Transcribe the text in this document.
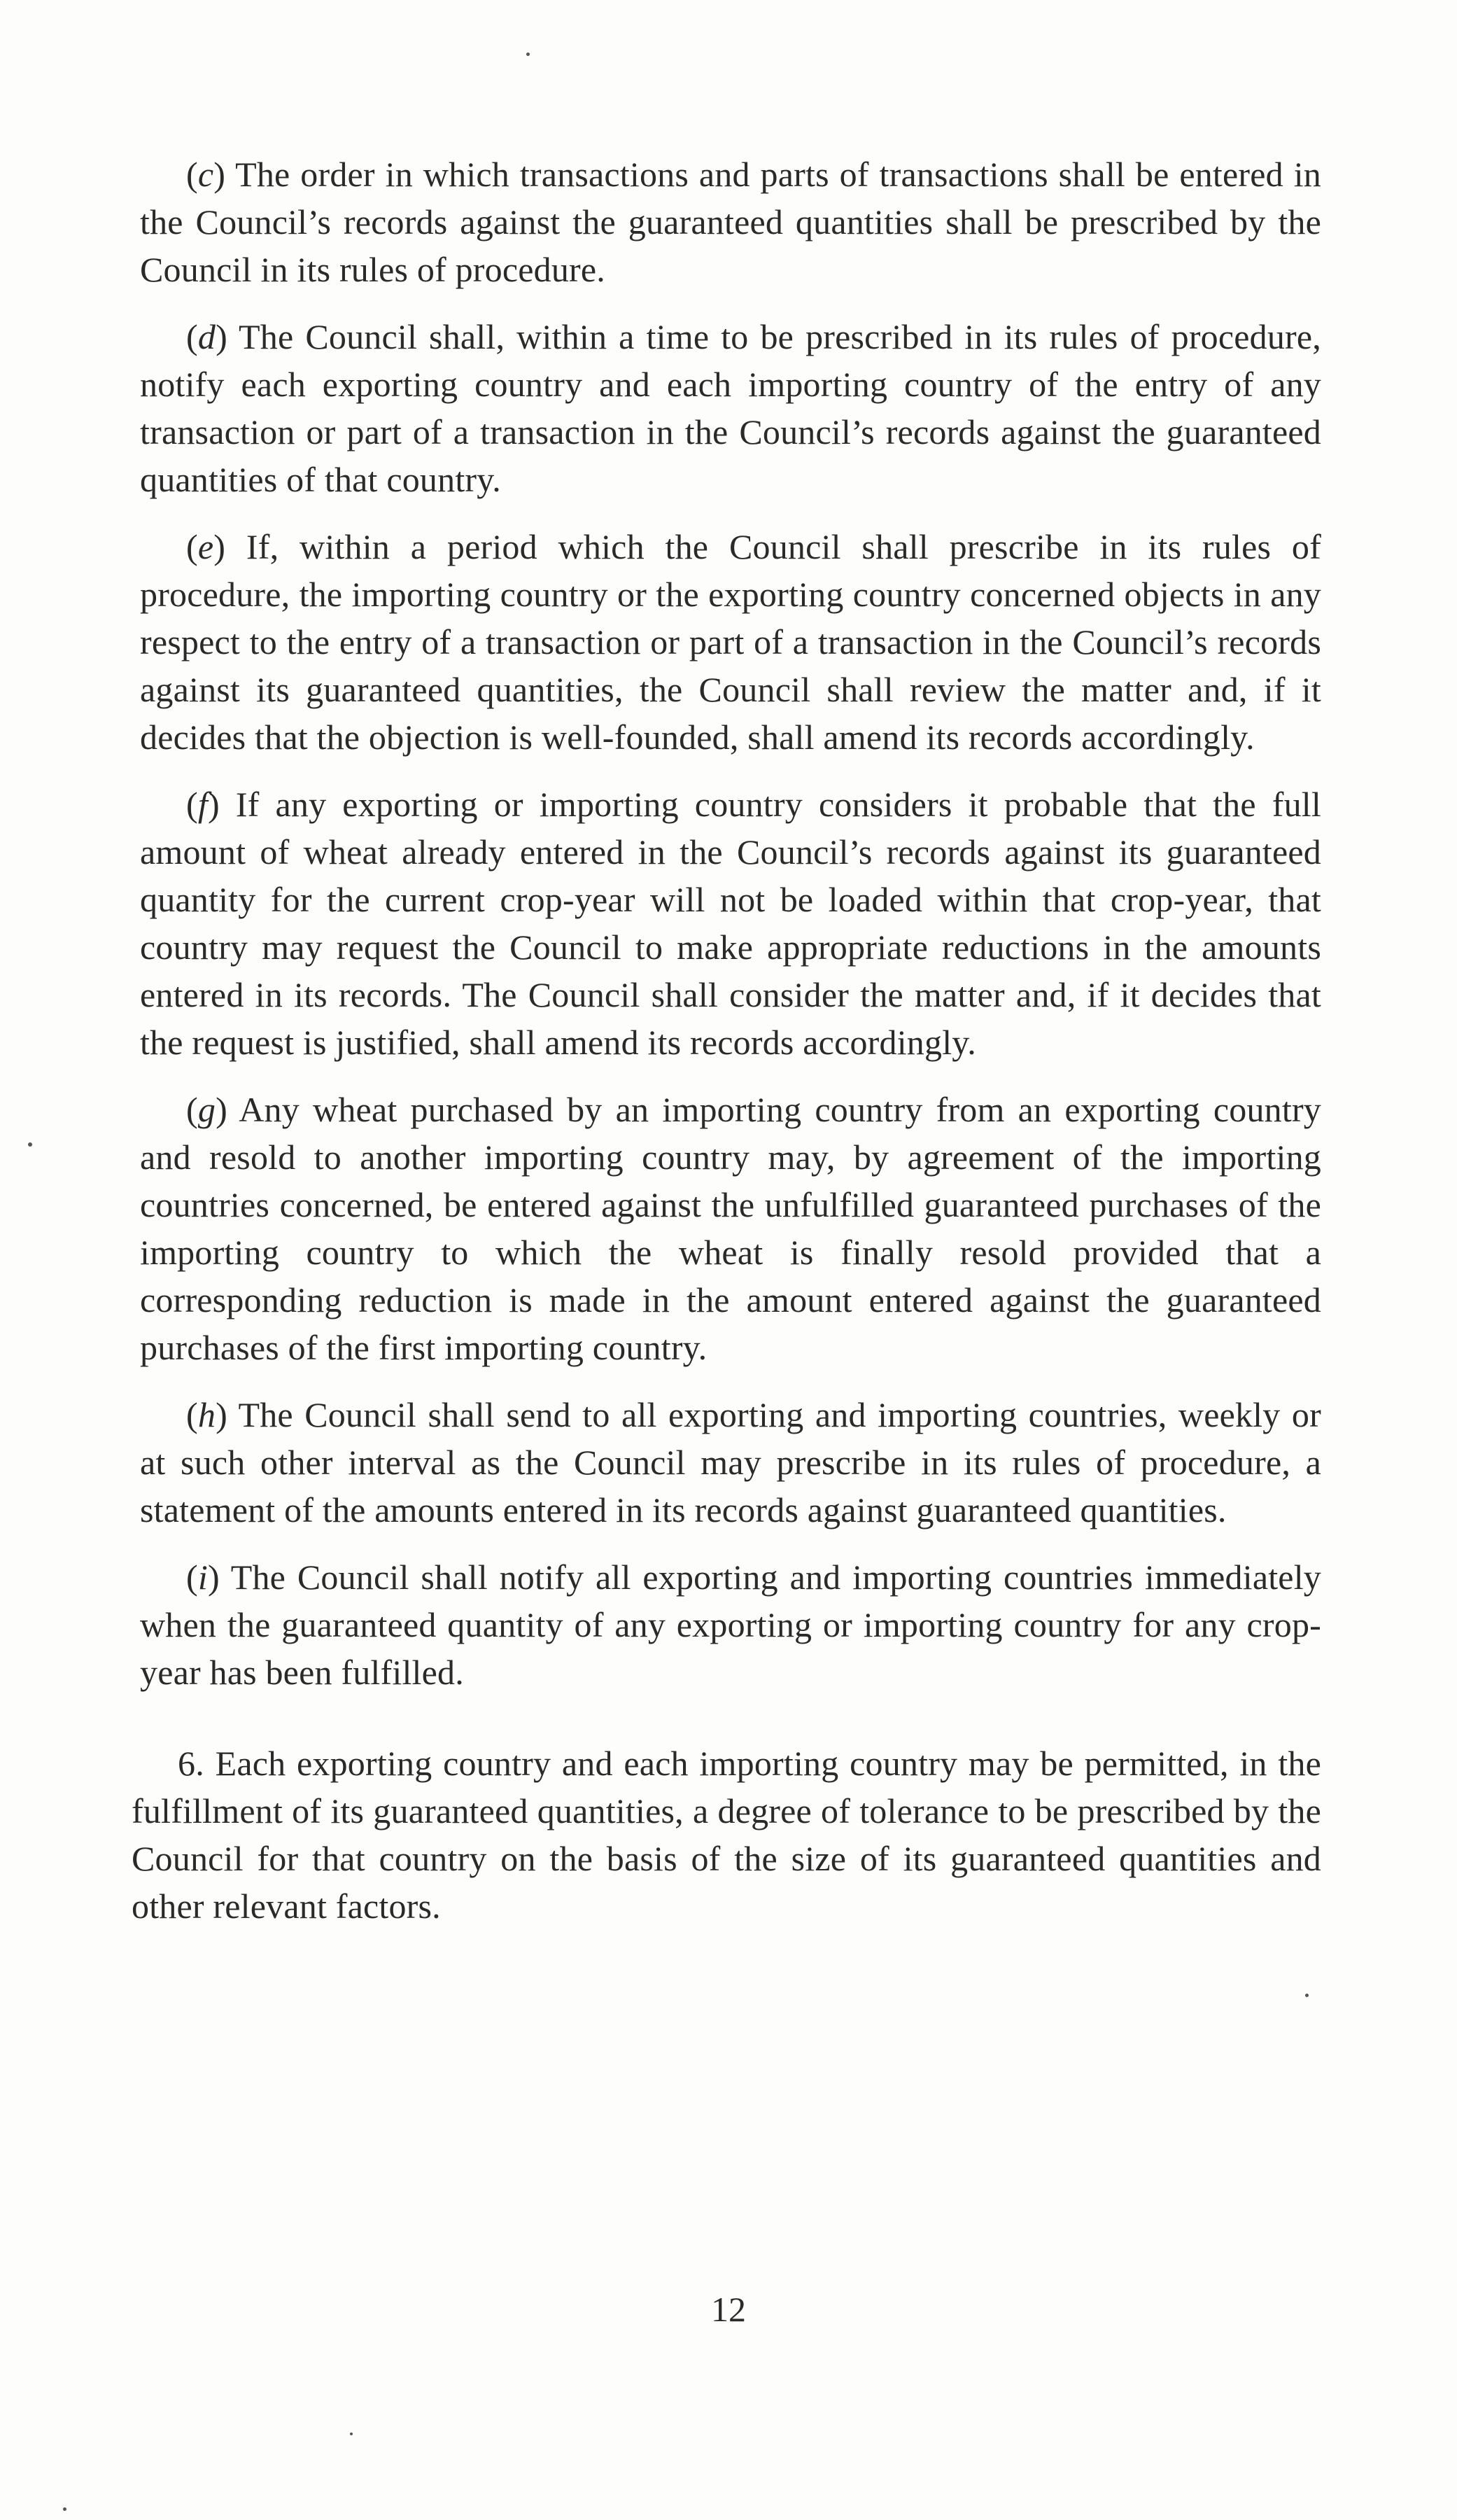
(c) The order in which transactions and parts of transactions shall be entered in the Council’s records against the guaranteed quantities shall be prescribed by the Council in its rules of procedure.

(d) The Council shall, within a time to be prescribed in its rules of procedure, notify each exporting country and each importing country of the entry of any transaction or part of a transaction in the Council’s records against the guaranteed quantities of that country.

(e) If, within a period which the Council shall prescribe in its rules of procedure, the importing country or the exporting country concerned objects in any respect to the entry of a transaction or part of a transaction in the Council’s records against its guaranteed quantities, the Council shall review the matter and, if it decides that the objection is well-founded, shall amend its records accordingly.

(f) If any exporting or importing country considers it probable that the full amount of wheat already entered in the Council’s records against its guaranteed quantity for the current crop-year will not be loaded within that crop-year, that country may request the Council to make appropriate reductions in the amounts entered in its records. The Council shall consider the matter and, if it decides that the request is justified, shall amend its records accordingly.

(g) Any wheat purchased by an importing country from an exporting country and resold to another importing country may, by agreement of the importing countries concerned, be entered against the unfulfilled guaranteed purchases of the importing country to which the wheat is finally resold provided that a corresponding reduction is made in the amount entered against the guaranteed purchases of the first importing country.

(h) The Council shall send to all exporting and importing countries, weekly or at such other interval as the Council may prescribe in its rules of procedure, a statement of the amounts entered in its records against guaranteed quantities.

(i) The Council shall notify all exporting and importing countries immediately when the guaranteed quantity of any exporting or importing country for any crop-year has been fulfilled.

6. Each exporting country and each importing country may be permitted, in the fulfillment of its guaranteed quantities, a degree of tolerance to be prescribed by the Council for that country on the basis of the size of its guaranteed quantities and other relevant factors.

12
